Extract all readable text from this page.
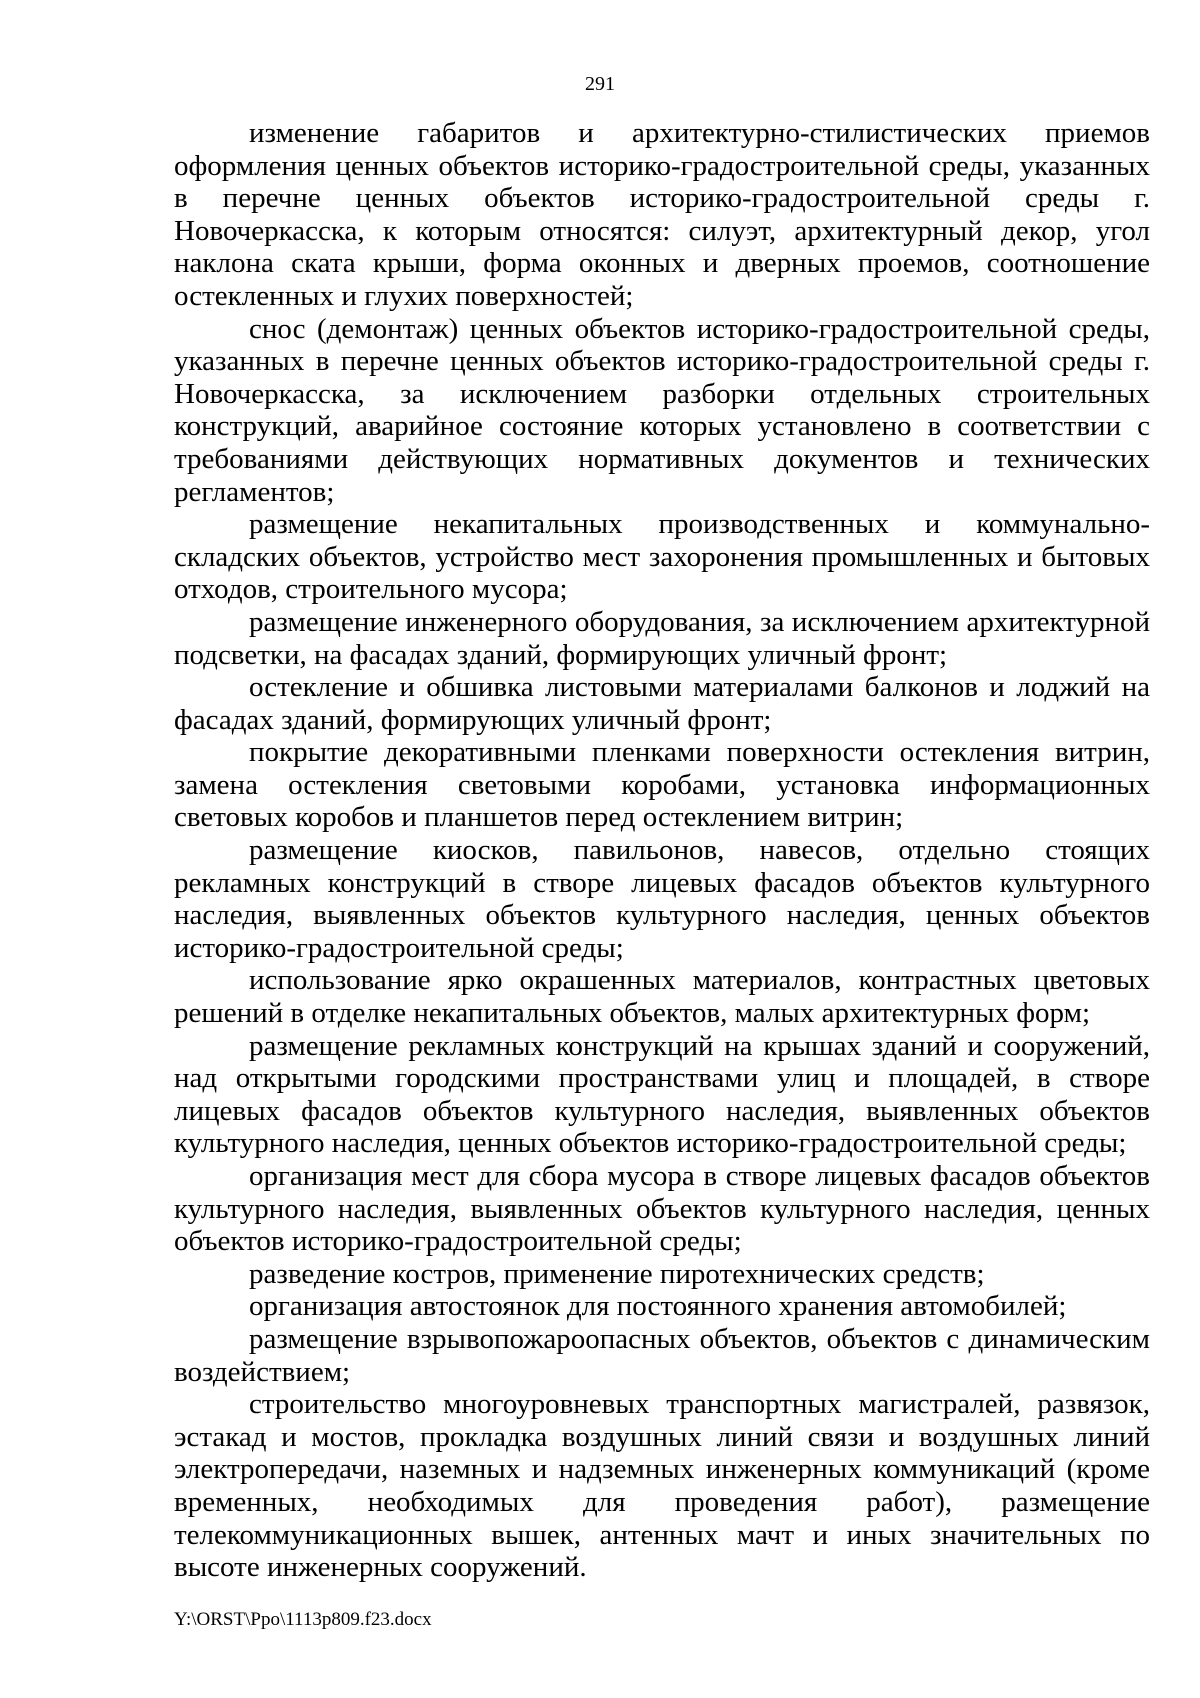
291

изменение габаритов и архитектурно-стилистических приемов оформления ценных объектов историко-градостроительной среды, указанных в перечне ценных объектов историко-градостроительной среды г. Новочеркасска, к которым относятся: силуэт, архитектурный декор, угол наклона ската крыши, форма оконных и дверных проемов, соотношение остекленных и глухих поверхностей;

снос (демонтаж) ценных объектов историко-градостроительной среды, указанных в перечне ценных объектов историко-градостроительной среды г. Новочеркасска, за исключением разборки отдельных строительных конструкций, аварийное состояние которых установлено в соответствии с требованиями действующих нормативных документов и технических регламентов;

размещение некапитальных производственных и коммунально-складских объектов, устройство мест захоронения промышленных и бытовых отходов, строительного мусора;

размещение инженерного оборудования, за исключением архитектурной подсветки, на фасадах зданий, формирующих уличный фронт;

остекление и обшивка листовыми материалами балконов и лоджий на фасадах зданий, формирующих уличный фронт;

покрытие декоративными пленками поверхности остекления витрин, замена остекления световыми коробами, установка информационных световых коробов и планшетов перед остеклением витрин;

размещение киосков, павильонов, навесов, отдельно стоящих рекламных конструкций в створе лицевых фасадов объектов культурного наследия, выявленных объектов культурного наследия, ценных объектов историко-градостроительной среды;

использование ярко окрашенных материалов, контрастных цветовых решений в отделке некапитальных объектов, малых архитектурных форм;

размещение рекламных конструкций на крышах зданий и сооружений, над открытыми городскими пространствами улиц и площадей, в створе лицевых фасадов объектов культурного наследия, выявленных объектов культурного наследия, ценных объектов историко-градостроительной среды;

организация мест для сбора мусора в створе лицевых фасадов объектов культурного наследия, выявленных объектов культурного наследия, ценных объектов историко-градостроительной среды;

разведение костров, применение пиротехнических средств;

организация автостоянок для постоянного хранения автомобилей;

размещение взрывопожароопасных объектов, объектов с динамическим воздействием;

строительство многоуровневых транспортных магистралей, развязок, эстакад и мостов, прокладка воздушных линий связи и воздушных линий электропередачи, наземных и надземных инженерных коммуникаций (кроме временных, необходимых для проведения работ), размещение телекоммуникационных вышек, антенных мачт и иных значительных по высоте инженерных сооружений.

Y:\ORST\Ppo\1113p809.f23.docx
